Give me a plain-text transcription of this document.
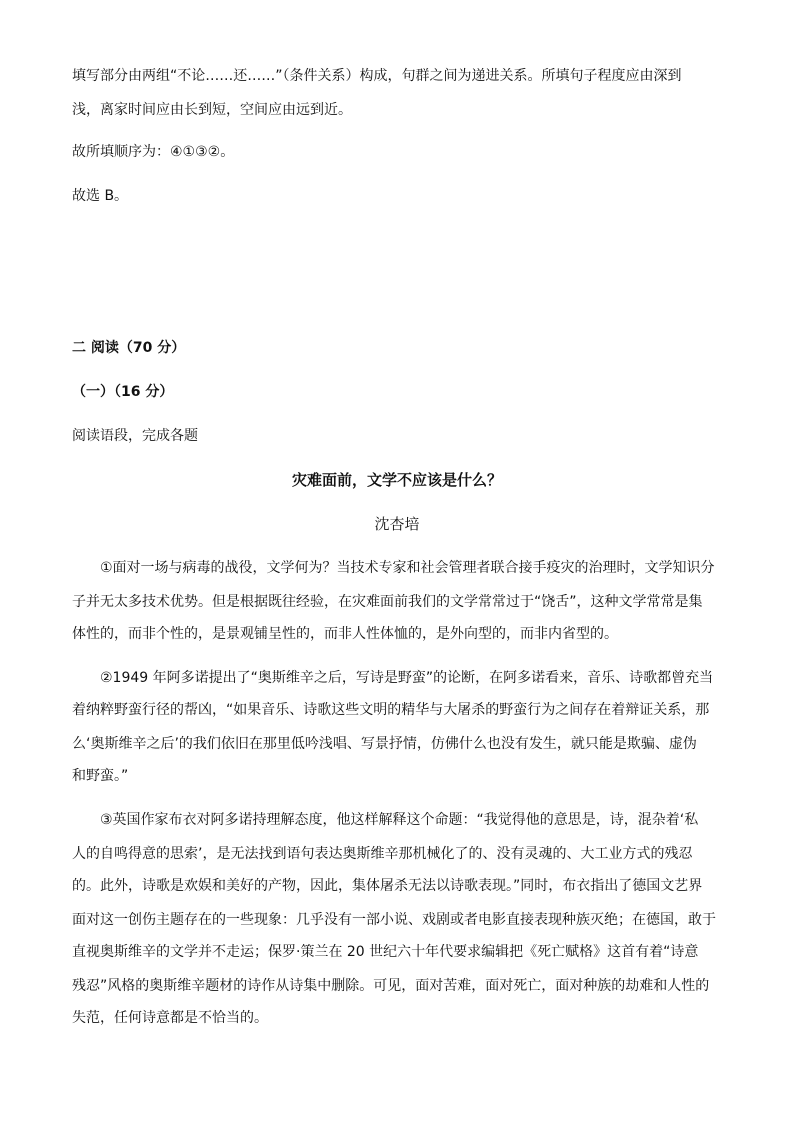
填写部分由两组“不论……还……”（条件关系）构成，句群之间为递进关系。所填句子程度应由深到

浅，离家时间应由长到短，空间应由远到近。

故所填顺序为：④①③②。

故选 B。

二 阅读（70 分）

（一）（16 分）

阅读语段，完成各题

灾难面前，文学不应该是什么？

沈杏培

①面对一场与病毒的战役，文学何为？当技术专家和社会管理者联合接手疫灾的治理时，文学知识分

子并无太多技术优势。但是根据既往经验，在灾难面前我们的文学常常过于“饶舌”，这种文学常常是集

体性的，而非个性的，是景观铺呈性的，而非人性体恤的，是外向型的，而非内省型的。

②1949 年阿多诺提出了“奥斯维辛之后，写诗是野蛮”的论断，在阿多诺看来，音乐、诗歌都曾充当

着纳粹野蛮行径的帮凶，“如果音乐、诗歌这些文明的精华与大屠杀的野蛮行为之间存在着辩证关系，那

么‘奥斯维辛之后’的我们依旧在那里低吟浅唱、写景抒情，仿佛什么也没有发生，就只能是欺骗、虚伪

和野蛮。”

③英国作家布衣对阿多诺持理解态度，他这样解释这个命题：“我觉得他的意思是，诗，混杂着‘私

人的自鸣得意的思索’，是无法找到语句表达奥斯维辛那机械化了的、没有灵魂的、大工业方式的残忍

的。此外，诗歌是欢娱和美好的产物，因此，集体屠杀无法以诗歌表现。”同时，布衣指出了德国文艺界

面对这一创伤主题存在的一些现象：几乎没有一部小说、戏剧或者电影直接表现种族灭绝；在德国，敢于

直视奥斯维辛的文学并不走运；保罗·策兰在 20 世纪六十年代要求编辑把《死亡赋格》这首有着“诗意

残忍”风格的奥斯维辛题材的诗作从诗集中删除。可见，面对苦难，面对死亡，面对种族的劫难和人性的

失范，任何诗意都是不恰当的。
